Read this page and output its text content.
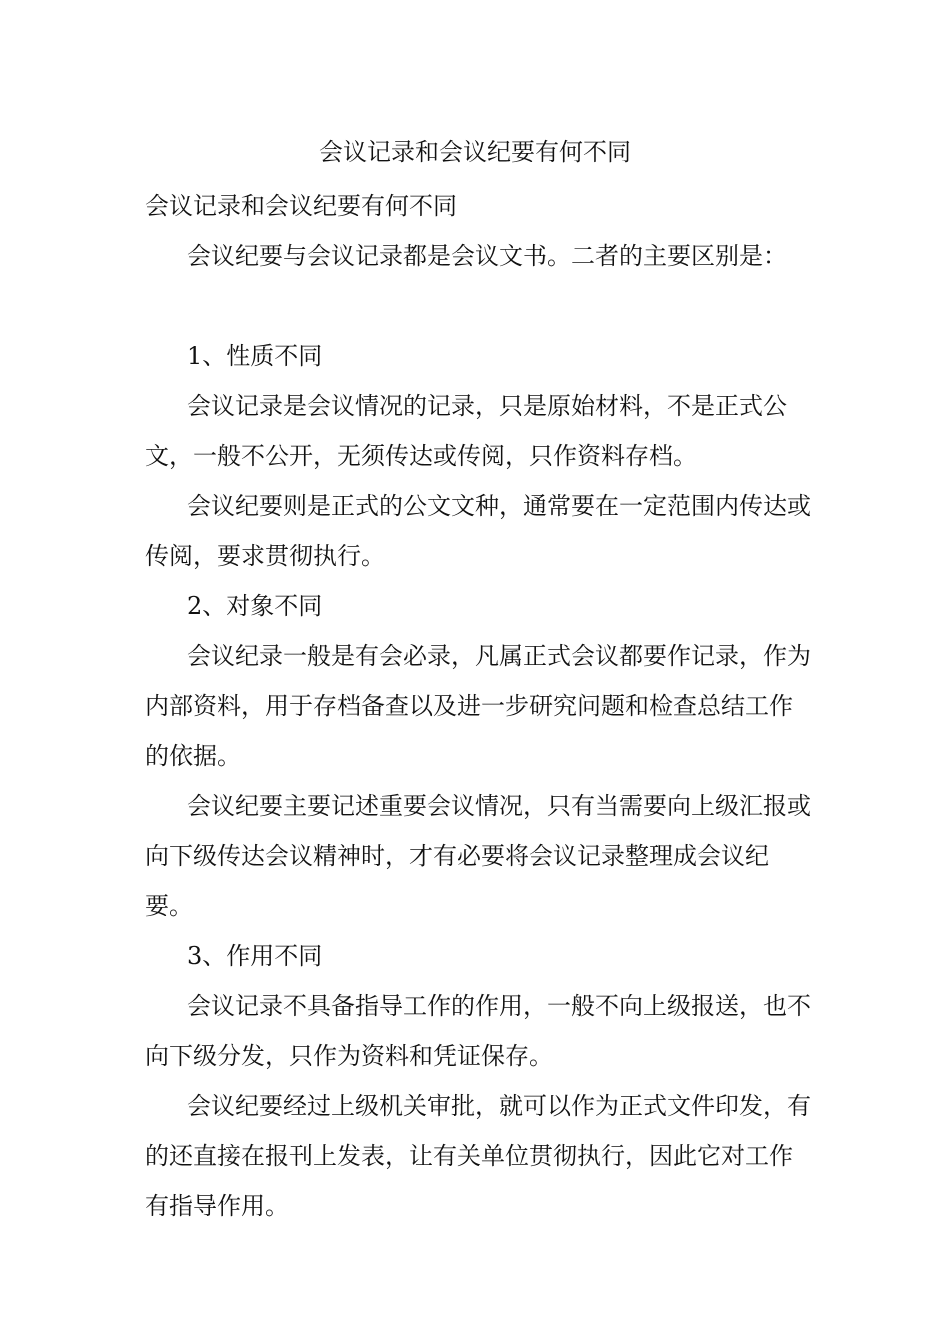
会议记录和会议纪要有何不同

会议记录和会议纪要有何不同

会议纪要与会议记录都是会议文书。二者的主要区别是：

1、性质不同

会议记录是会议情况的记录，只是原始材料，不是正式公文，一般不公开，无须传达或传阅，只作资料存档。

会议纪要则是正式的公文文种，通常要在一定范围内传达或传阅，要求贯彻执行。

2、对象不同

会议纪录一般是有会必录，凡属正式会议都要作记录，作为内部资料，用于存档备查以及进一步研究问题和检查总结工作的依据。

会议纪要主要记述重要会议情况，只有当需要向上级汇报或向下级传达会议精神时，才有必要将会议记录整理成会议纪要。

3、作用不同

会议记录不具备指导工作的作用，一般不向上级报送，也不向下级分发，只作为资料和凭证保存。

会议纪要经过上级机关审批，就可以作为正式文件印发，有的还直接在报刊上发表，让有关单位贯彻执行，因此它对工作有指导作用。
